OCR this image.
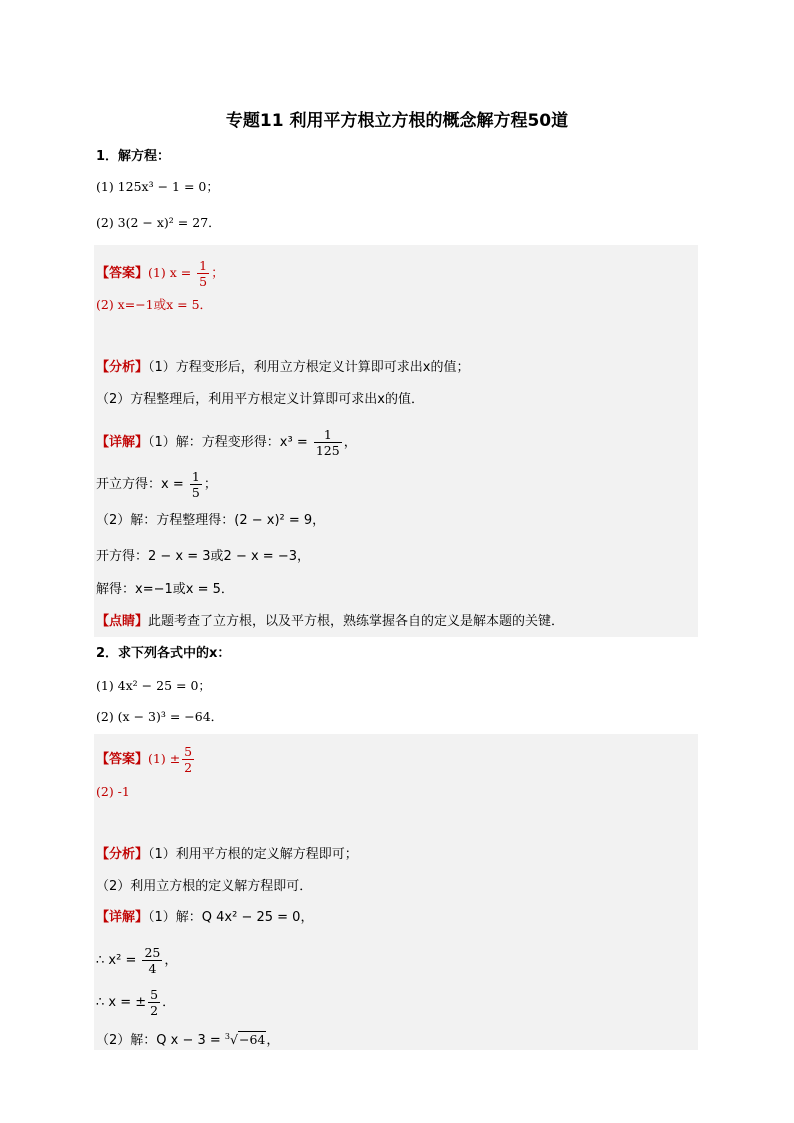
专题11 利用平方根立方根的概念解方程50道
1．解方程：
(1) 125x³ − 1 = 0；
(2) 3(2 − x)² = 27．
【答案】(1) $x = \frac{1}{5}$ ；
(2) x=−1或x = 5．
【分析】（1）方程变形后，利用立方根定义计算即可求出x的值；
（2）方程整理后，利用平方根定义计算即可求出x的值．
【详解】（1）解：方程变形得：$x^3 = \frac{1}{125}$ ，
开立方得：$x = \frac{1}{5}$ ；
（2）解：方程整理得：(2 − x)² = 9，
开方得：2 − x = 3或2 − x = −3，
解得：x=−1或x = 5．
【点睛】此题考查了立方根，以及平方根，熟练掌握各自的定义是解本题的关键．
2．求下列各式中的x：
(1) 4x² − 25 = 0；
(2) (x − 3)³ = −64．
【答案】$(1) \pm \frac{5}{2}$
(2) -1
【分析】（1）利用平方根的定义解方程即可；
（2）利用立方根的定义解方程即可．
【详解】（1）解：Q 4x² − 25 = 0，
∴ $x^2 = \frac{25}{4}$ ，
∴ x = ± $\frac{5}{2}$ ．
（2）解：Q x − 3 = $^3$√−64，
